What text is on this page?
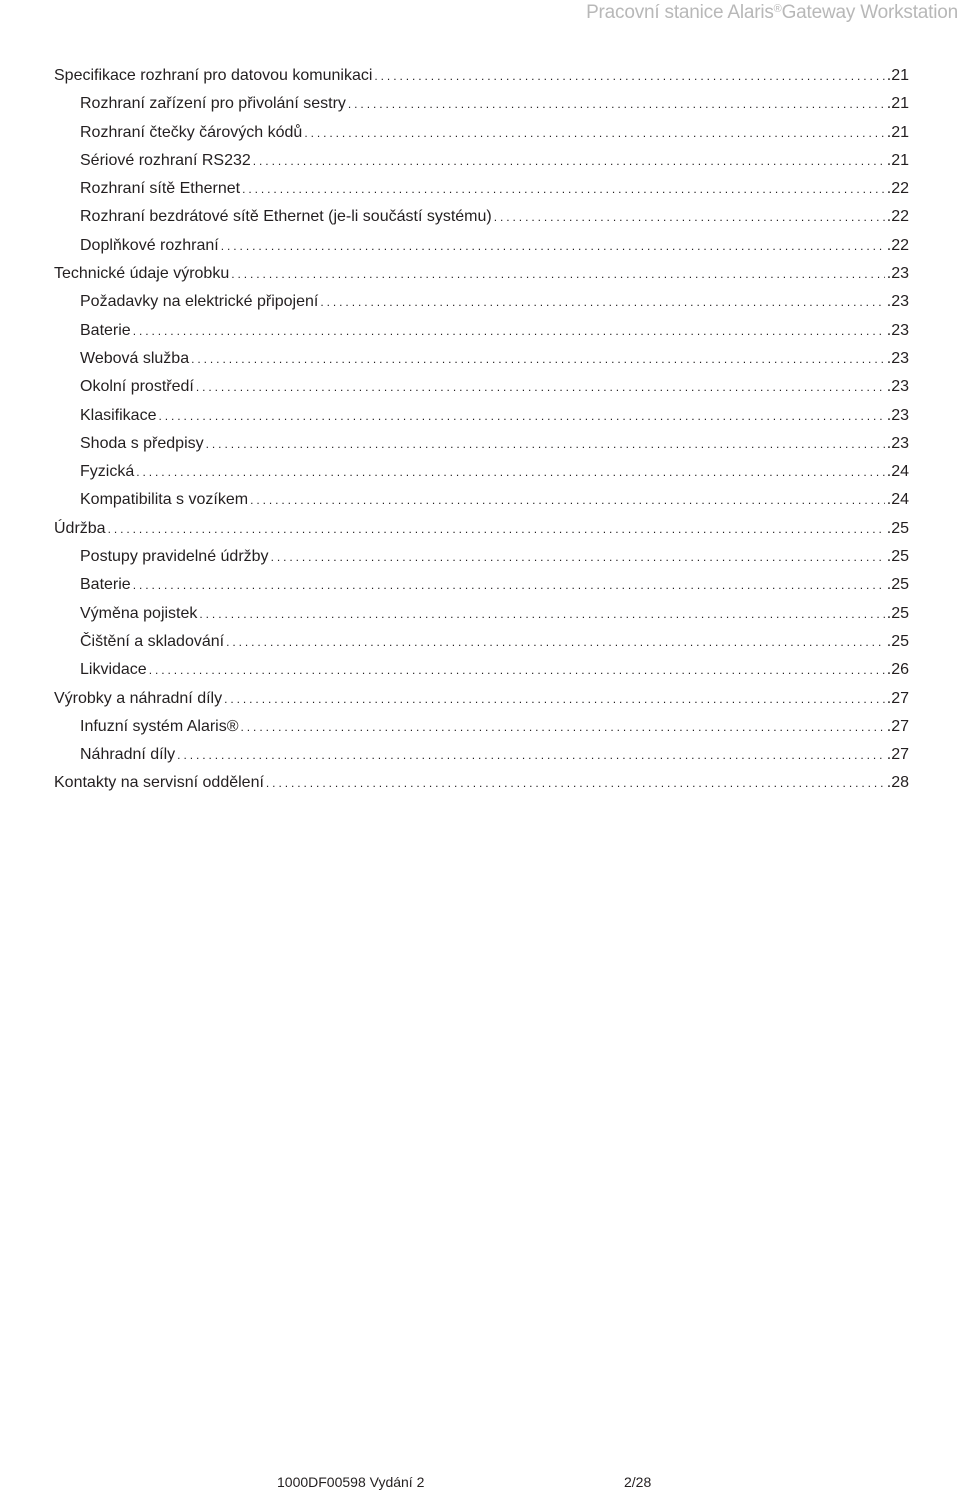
Pracovní stanice Alaris®Gateway Workstation
Specifikace rozhraní pro datovou komunikaci . . .	.21
Rozhraní zařízení pro přivolání sestry . . .	.21
Rozhraní čtečky čárových kódů . . .	.21
Sériové rozhraní RS232 . . .	.21
Rozhraní sítě Ethernet . . .	.22
Rozhraní bezdrátové sítě Ethernet (je-li součástí systému) . . .	.22
Doplňkové rozhraní . . .	.22
Technické údaje výrobku . . .	.23
Požadavky na elektrické připojení . . .	.23
Baterie . . .	.23
Webová služba . . .	.23
Okolní prostředí . . .	.23
Klasifikace . . .	.23
Shoda s předpisy . . .	.23
Fyzická . . .	.24
Kompatibilita s vozíkem . . .	.24
Údržba . . .	.25
Postupy pravidelné údržby . . .	.25
Baterie . . .	.25
Výměna pojistek . . .	.25
Čištění a skladování . . .	.25
Likvidace . . .	.26
Výrobky a náhradní díly . . .	.27
Infuzní systém Alaris® . . .	.27
Náhradní díly . . .	.27
Kontakty na servisní oddělení . . .	.28
1000DF00598 Vydání 2	2/28
